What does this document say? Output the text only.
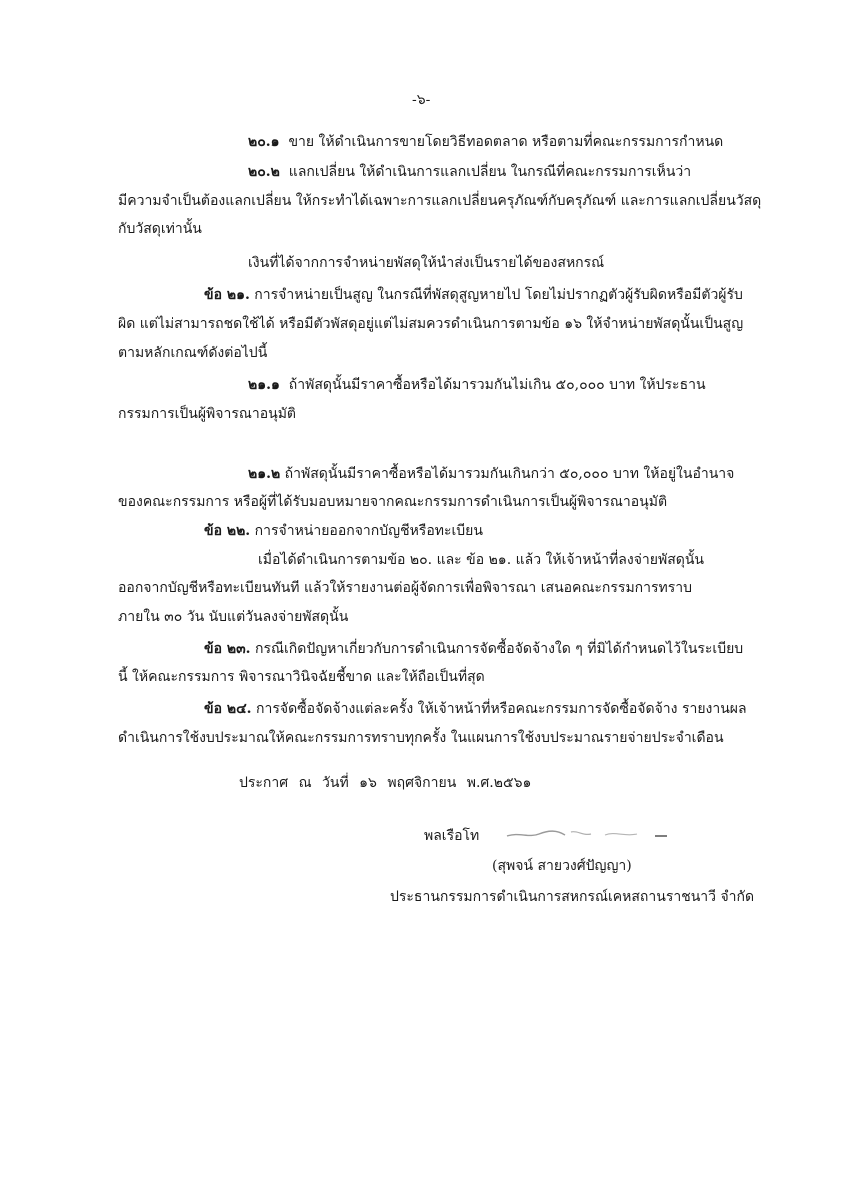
-๖-

๒๐.๑ ขาย ให้ดำเนินการขายโดยวิธีทอดตลาด หรือตามที่คณะกรรมการกำหนด

๒๐.๒ แลกเปลี่ยน ให้ดำเนินการแลกเปลี่ยน ในกรณีที่คณะกรรมการเห็นว่า

มีความจำเป็นต้องแลกเปลี่ยน ให้กระทำได้เฉพาะการแลกเปลี่ยนครุภัณฑ์กับครุภัณฑ์ และการแลกเปลี่ยนวัสดุ

กับวัสดุเท่านั้น

เงินที่ได้จากการจำหน่ายพัสดุให้นำส่งเป็นรายได้ของสหกรณ์

ข้อ ๒๑. การจำหน่ายเป็นสูญ ในกรณีที่พัสดุสูญหายไป โดยไม่ปรากฏตัวผู้รับผิดหรือมีตัวผู้รับ

ผิด แต่ไม่สามารถชดใช้ได้ หรือมีตัวพัสดุอยู่แต่ไม่สมควรดำเนินการตามข้อ ๑๖ ให้จำหน่ายพัสดุนั้นเป็นสูญ

ตามหลักเกณฑ์ดังต่อไปนี้

๒๑.๑ ถ้าพัสดุนั้นมีราคาซื้อหรือได้มารวมกันไม่เกิน ๕๐,๐๐๐ บาท ให้ประธาน

กรรมการเป็นผู้พิจารณาอนุมัติ

๒๑.๒ ถ้าพัสดุนั้นมีราคาซื้อหรือได้มารวมกันเกินกว่า ๕๐,๐๐๐ บาท ให้อยู่ในอำนาจ

ของคณะกรรมการ หรือผู้ที่ได้รับมอบหมายจากคณะกรรมการดำเนินการเป็นผู้พิจารณาอนุมัติ

ข้อ ๒๒. การจำหน่ายออกจากบัญชีหรือทะเบียน

เมื่อได้ดำเนินการตามข้อ ๒๐. และ ข้อ ๒๑. แล้ว ให้เจ้าหน้าที่ลงจ่ายพัสดุนั้น

ออกจากบัญชีหรือทะเบียนทันที แล้วให้รายงานต่อผู้จัดการเพื่อพิจารณา เสนอคณะกรรมการทราบ

ภายใน ๓๐ วัน นับแต่วันลงจ่ายพัสดุนั้น

ข้อ ๒๓. กรณีเกิดปัญหาเกี่ยวกับการดำเนินการจัดซื้อจัดจ้างใด ๆ ที่มิได้กำหนดไว้ในระเบียบ

นี้ ให้คณะกรรมการ พิจารณาวินิจฉัยชี้ขาด และให้ถือเป็นที่สุด

ข้อ ๒๔. การจัดซื้อจัดจ้างแต่ละครั้ง ให้เจ้าหน้าที่หรือคณะกรรมการจัดซื้อจัดจ้าง รายงานผล

ดำเนินการใช้งบประมาณให้คณะกรรมการทราบทุกครั้ง ในแผนการใช้งบประมาณรายจ่ายประจำเดือน

ประกาศ ณ วันที่ ๑๖ พฤศจิกายน พ.ศ.๒๕๖๑

พลเรือโท

(สุพจน์ สายวงศ์ปัญญา)

ประธานกรรมการดำเนินการสหกรณ์เคหสถานราชนาวี จำกัด
